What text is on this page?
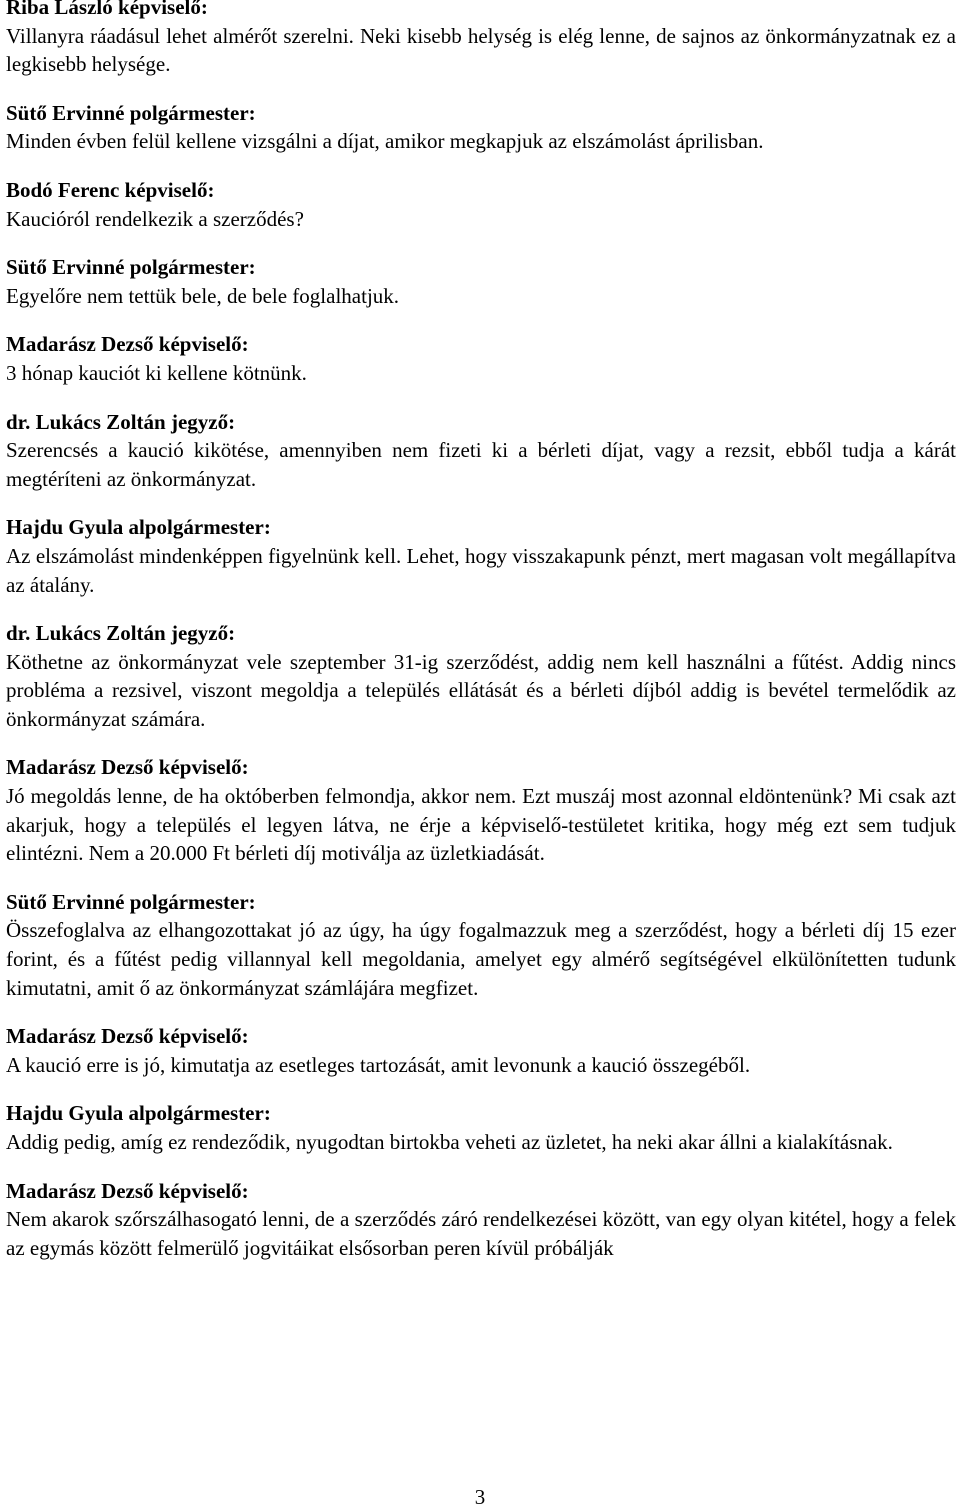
Riba László képviselő:
Villanyra ráadásul lehet almérőt szerelni. Neki kisebb helység is elég lenne, de sajnos az önkormányzatnak ez a legkisebb helysége.
Sütő Ervinné polgármester:
Minden évben felül kellene vizsgálni a díjat, amikor megkapjuk az elszámolást áprilisban.
Bodó Ferenc képviselő:
Kaucióról rendelkezik a szerződés?
Sütő Ervinné polgármester:
Egyelőre nem tettük bele, de bele foglalhatjuk.
Madarász Dezső képviselő:
3 hónap kauciót ki kellene kötnünk.
dr. Lukács Zoltán jegyző:
Szerencsés a kaució kikötése, amennyiben nem fizeti ki a bérleti díjat, vagy a rezsit, ebből tudja a kárát megtéríteni az önkormányzat.
Hajdu Gyula alpolgármester:
Az elszámolást mindenképpen figyelnünk kell. Lehet, hogy visszakapunk pénzt, mert magasan volt megállapítva az átalány.
dr. Lukács Zoltán jegyző:
Köthetne az önkormányzat vele szeptember 31-ig szerződést, addig nem kell használni a fűtést. Addig nincs probléma a rezsivel, viszont megoldja a település ellátását és a bérleti díjból addig is bevétel termelődik az önkormányzat számára.
Madarász Dezső képviselő:
Jó megoldás lenne, de ha októberben felmondja, akkor nem. Ezt muszáj most azonnal eldöntenünk? Mi csak azt akarjuk, hogy a település el legyen látva, ne érje a képviselő-testületet kritika, hogy még ezt sem tudjuk elintézni. Nem a 20.000 Ft bérleti díj motiválja az üzletkiadását.
Sütő Ervinné polgármester:
Összefoglalva az elhangozottakat jó az úgy, ha úgy fogalmazzuk meg a szerződést, hogy a bérleti díj 15 ezer forint, és a fűtést pedig villannyal kell megoldania, amelyet egy almérő segítségével elkülönítetten tudunk kimutatni, amit ő az önkormányzat számlájára megfizet.
Madarász Dezső képviselő:
A kaució erre is jó, kimutatja az esetleges tartozását, amit levonunk a kaució összegéből.
Hajdu Gyula alpolgármester:
Addig pedig, amíg ez rendeződik, nyugodtan birtokba veheti az üzletet, ha neki akar állni a kialakításnak.
Madarász Dezső képviselő:
Nem akarok szőrszálhasogató lenni, de a szerződés záró rendelkezései között, van egy olyan kitétel, hogy a felek az egymás között felmerülő jogvitáikat elsősorban peren kívül próbálják
3
